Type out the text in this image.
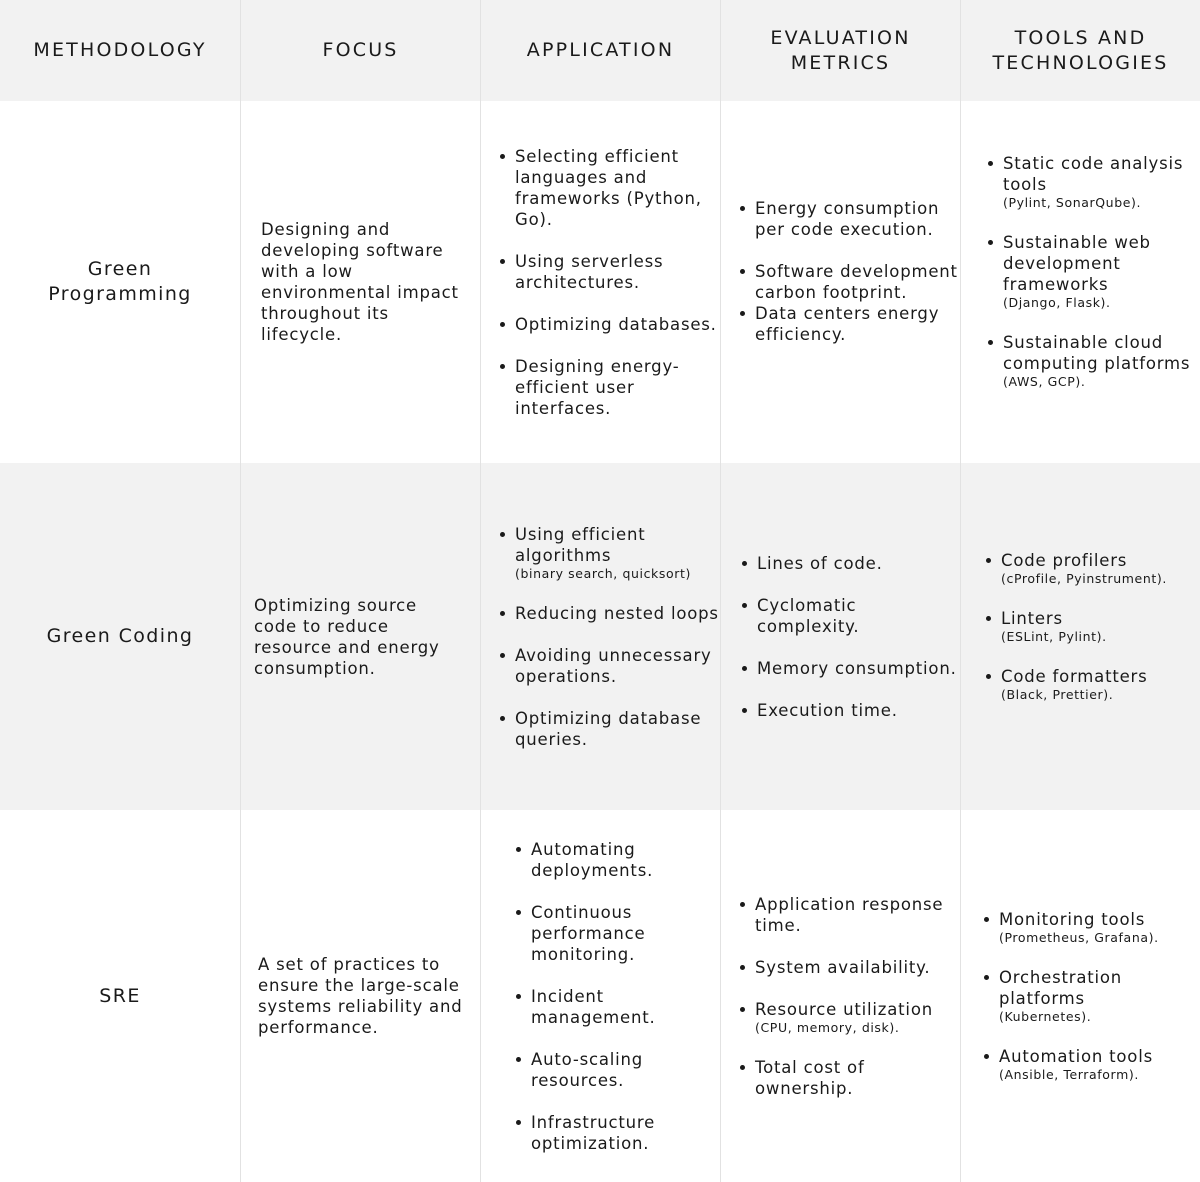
METHODOLOGY	FOCUS	APPLICATION
EVALUATION METRICS
TOOLS AND TECHNOLOGIES
Green Programming
Designing and developing software with a low environmental impact throughout its lifecycle.
Selecting efficient languages and frameworks (Python, Go).
Using serverless architectures.
Optimizing databases.
Designing energy-efficient user interfaces.
Energy consumption per code execution.
Software development carbon footprint.
Data centers energy efficiency.
Static code analysis tools
(Pylint, SonarQube).
Sustainable web development frameworks
(Django, Flask).
Sustainable cloud computing platforms
(AWS, GCP).
Green Coding
Optimizing source code to reduce resource and energy consumption.
Using efficient algorithms
(binary search, quicksort)
Reducing nested loops
Avoiding unnecessary operations.
Optimizing database queries.
Lines of code.
Cyclomatic complexity.
Memory consumption.
Execution time.
Code profilers
(cProfile, Pyinstrument).
Linters
(ESLint, Pylint).
Code formatters
(Black, Prettier).
SRE
A set of practices to ensure the large-scale systems reliability and performance.
Automating deployments.
Continuous performance monitoring.
Incident management.
Auto-scaling resources.
Infrastructure optimization.
Application response time.
System availability.
Resource utilization
(CPU, memory, disk).
Total cost of ownership.
Monitoring tools
(Prometheus, Grafana).
Orchestration platforms
(Kubernetes).
Automation tools
(Ansible, Terraform).
